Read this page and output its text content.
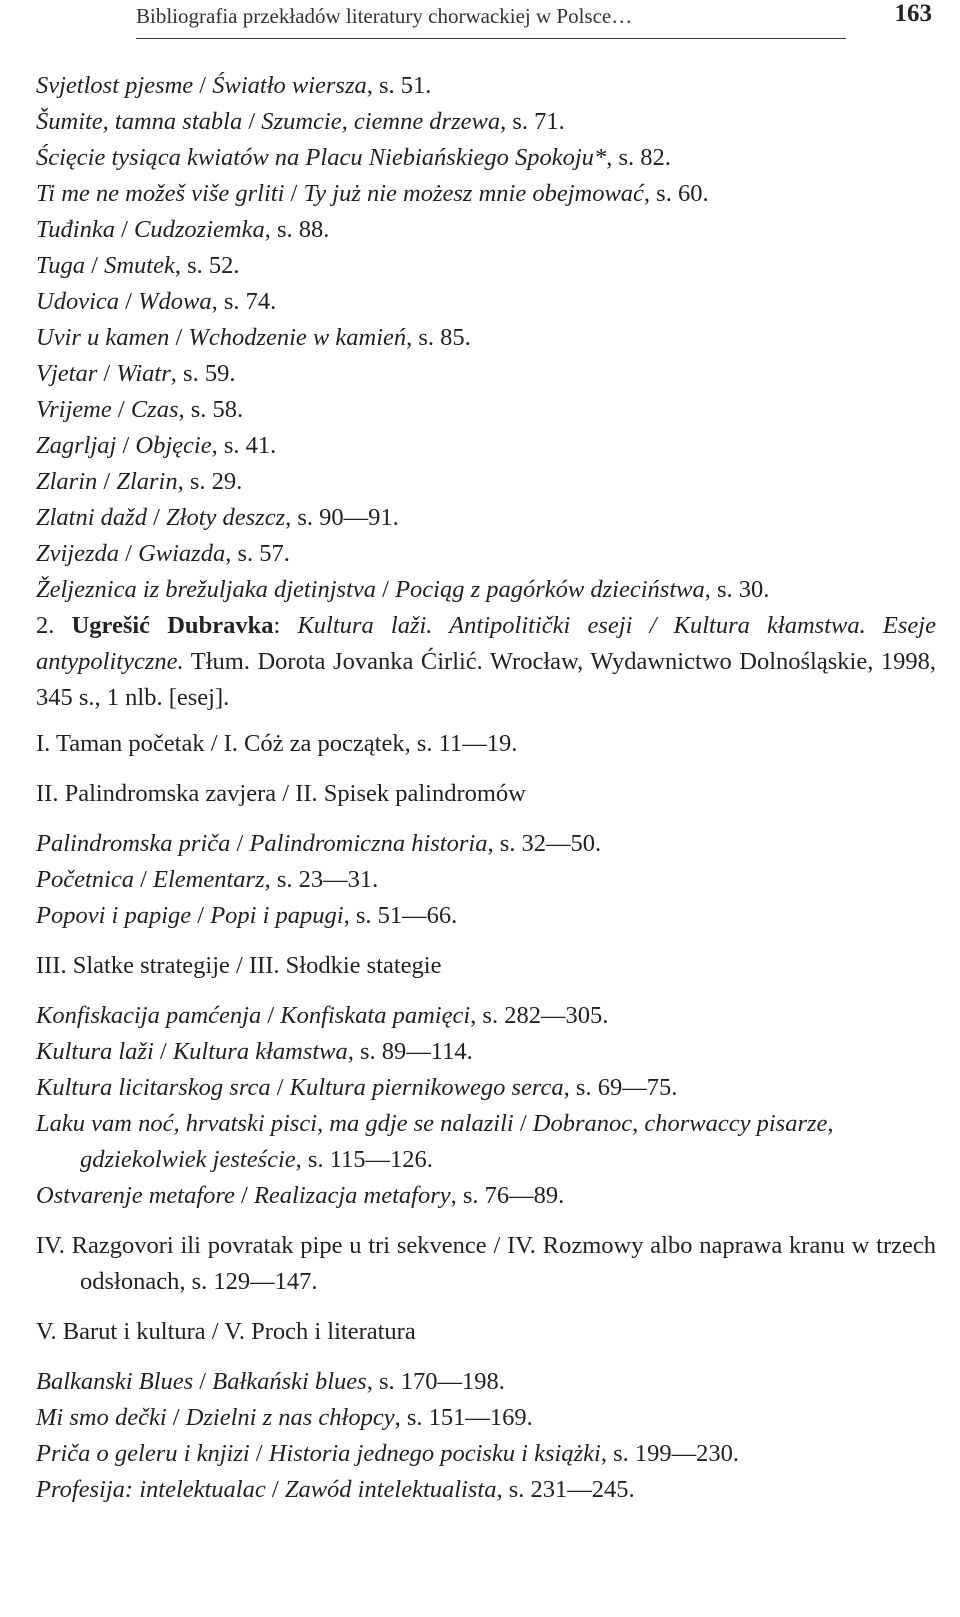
Bibliografia przekładów literatury chorwackiej w Polsce…	163

Svjetlost pjesme / Światło wiersza, s. 51.

Šumite, tamna stabla / Szumcie, ciemne drzewa, s. 71.

Ścięcie tysiąca kwiatów na Placu Niebiańskiego Spokoju*, s. 82.

Ti me ne možeš više grliti / Ty już nie możesz mnie obejmować, s. 60.

Tuđinka / Cudzoziemka, s. 88.

Tuga / Smutek, s. 52.

Udovica / Wdowa, s. 74.

Uvir u kamen / Wchodzenie w kamień, s. 85.

Vjetar / Wiatr, s. 59.

Vrijeme / Czas, s. 58.

Zagrljaj / Objęcie, s. 41.

Zlarin / Zlarin, s. 29.

Zlatni dažd / Złoty deszcz, s. 90—91.

Zvijezda / Gwiazda, s. 57.

Željeznica iz brežuljaka djetinjstva / Pociąg z pagórków dzieciństwa, s. 30.

2. Ugrešić Dubravka: Kultura laži. Antipolitički eseji / Kultura kłamstwa. Eseje antypolityczne. Tłum. Dorota Jovanka Ćirlić. Wrocław, Wydawnictwo Dolnośląskie, 1998, 345 s., 1 nlb. [esej].

I. Taman početak / I. Cóż za początek, s. 11—19.

II. Palindromska zavjera / II. Spisek palindromów

Palindromska priča / Palindromiczna historia, s. 32—50.

Početnica / Elementarz, s. 23—31.

Popovi i papige / Popi i papugi, s. 51—66.

III. Slatke strategije / III. Słodkie stategie

Konfiskacija pamćenja / Konfiskata pamięci, s. 282—305.

Kultura laži / Kultura kłamstwa, s. 89—114.

Kultura licitarskog srca / Kultura piernikowego serca, s. 69—75.

Laku vam noć, hrvatski pisci, ma gdje se nalazili / Dobranoc, chorwaccy pisarze, gdziekolwiek jesteście, s. 115—126.

Ostvarenje metafore / Realizacja metafory, s. 76—89.

IV. Razgovori ili povratak pipe u tri sekvence / IV. Rozmowy albo naprawa kranu w trzech odsłonach, s. 129—147.

V. Barut i kultura / V. Proch i literatura

Balkanski Blues / Bałkański blues, s. 170—198.

Mi smo dečki / Dzielni z nas chłopcy, s. 151—169.

Priča o geleru i knjizi / Historia jednego pocisku i książki, s. 199—230.

Profesija: intelektualac / Zawód intelektualista, s. 231—245.
